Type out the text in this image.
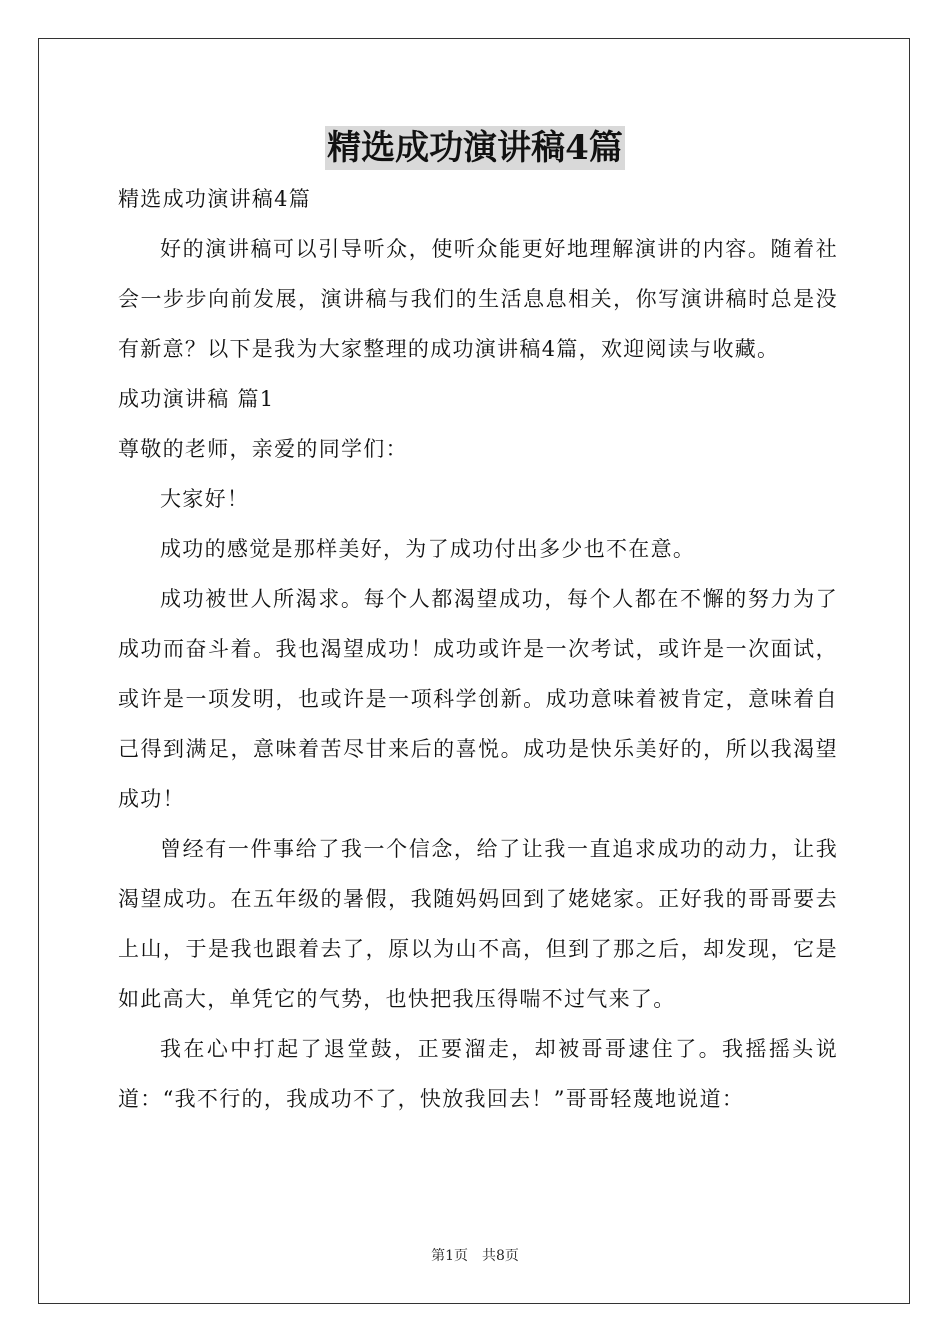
精选成功演讲稿4篇

精选成功演讲稿4篇

好的演讲稿可以引导听众，使听众能更好地理解演讲的内容。随着社会一步步向前发展，演讲稿与我们的生活息息相关，你写演讲稿时总是没有新意？以下是我为大家整理的成功演讲稿4篇，欢迎阅读与收藏。

成功演讲稿 篇1

尊敬的老师，亲爱的同学们：

大家好！

成功的感觉是那样美好，为了成功付出多少也不在意。

成功被世人所渴求。每个人都渴望成功，每个人都在不懈的努力为了成功而奋斗着。我也渴望成功！成功或许是一次考试，或许是一次面试，或许是一项发明，也或许是一项科学创新。成功意味着被肯定，意味着自己得到满足，意味着苦尽甘来后的喜悦。成功是快乐美好的，所以我渴望成功！

曾经有一件事给了我一个信念，给了让我一直追求成功的动力，让我渴望成功。在五年级的暑假，我随妈妈回到了姥姥家。正好我的哥哥要去上山，于是我也跟着去了，原以为山不高，但到了那之后，却发现，它是如此高大，单凭它的气势，也快把我压得喘不过气来了。

我在心中打起了退堂鼓，正要溜走，却被哥哥逮住了。我摇摇头说道：“我不行的，我成功不了，快放我回去！”哥哥轻蔑地说道：

第1页　共8页
